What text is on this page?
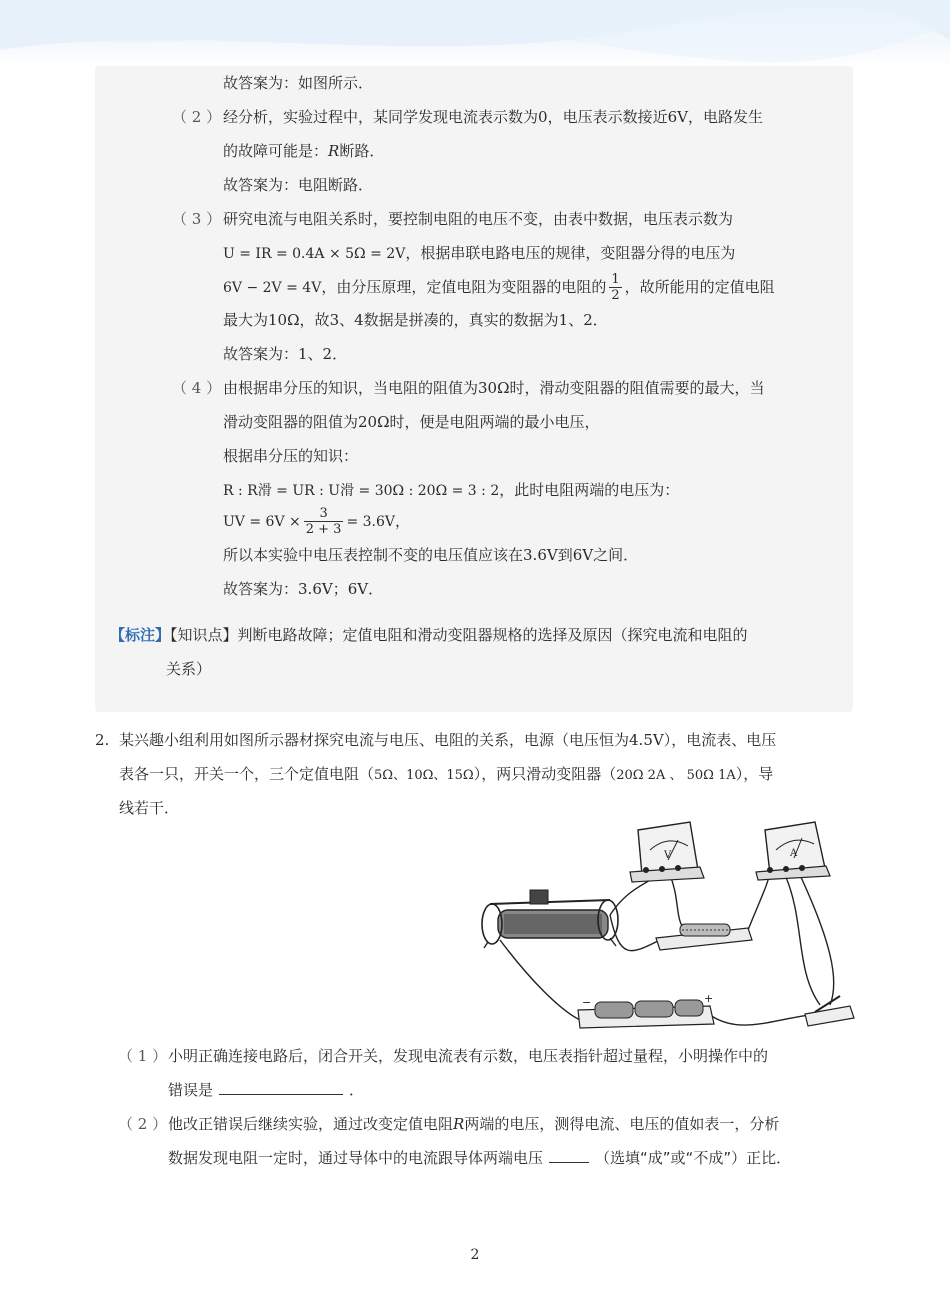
故答案为：如图所示．
（ 2 ） 经分析，实验过程中，某同学发现电流表示数为0，电压表示数接近6V，电路发生
的故障可能是：R断路．
故答案为：电阻断路．
（ 3 ） 研究电流与电阻关系时，要控制电阻的电压不变，由表中数据，电压表示数为
U = IR = 0.4A × 5Ω = 2V，根据串联电路电压的规律，变阻器分得的电压为
6V − 2V = 4V，由分压原理，定值电阻为变阻器的电阻的 $\frac{1}{2}$ ，故所能用的定值电阻
最大为10Ω，故3、4数据是拼凑的，真实的数据为1、2．
故答案为：1、2．
（ 4 ） 由根据串分压的知识，当电阻的阻值为30Ω时，滑动变阻器的阻值需要的最大，当
滑动变阻器的阻值为20Ω时，便是电阻两端的最小电压，
根据串分压的知识：
R : R滑 = UR : U滑 = 30Ω : 20Ω = 3 : 2，此时电阻两端的电压为：
UV = $6V \times \frac{3}{2 + 3} = 3.6V$，
所以本实验中电压表控制不变的电压值应该在3.6V到6V之间．
故答案为：3.6V；6V．
【标注】【知识点】判断电路故障；定值电阻和滑动变阻器规格的选择及原因（探究电流和电阻的
关系）
2. 某兴趣小组利用如图所示器材探究电流与电压、电阻的关系，电源（电压恒为4.5V），电流表、电压
表各一只，开关一个，三个定值电阻（5Ω、10Ω、15Ω），两只滑动变阻器（20Ω 2A 、 50Ω 1A），导
线若干．
V	A
−	+
（ 1 ） 小明正确连接电路后，闭合开关，发现电流表有示数，电压表指针超过量程，小明操作中的
错误是	．
（ 2 ） 他改正错误后继续实验，通过改变定值电阻R两端的电压，测得电流、电压的值如表一，分析
数据发现电阻一定时，通过导体中的电流跟导体两端电压	（选填“成”或“不成”）正比．
2
